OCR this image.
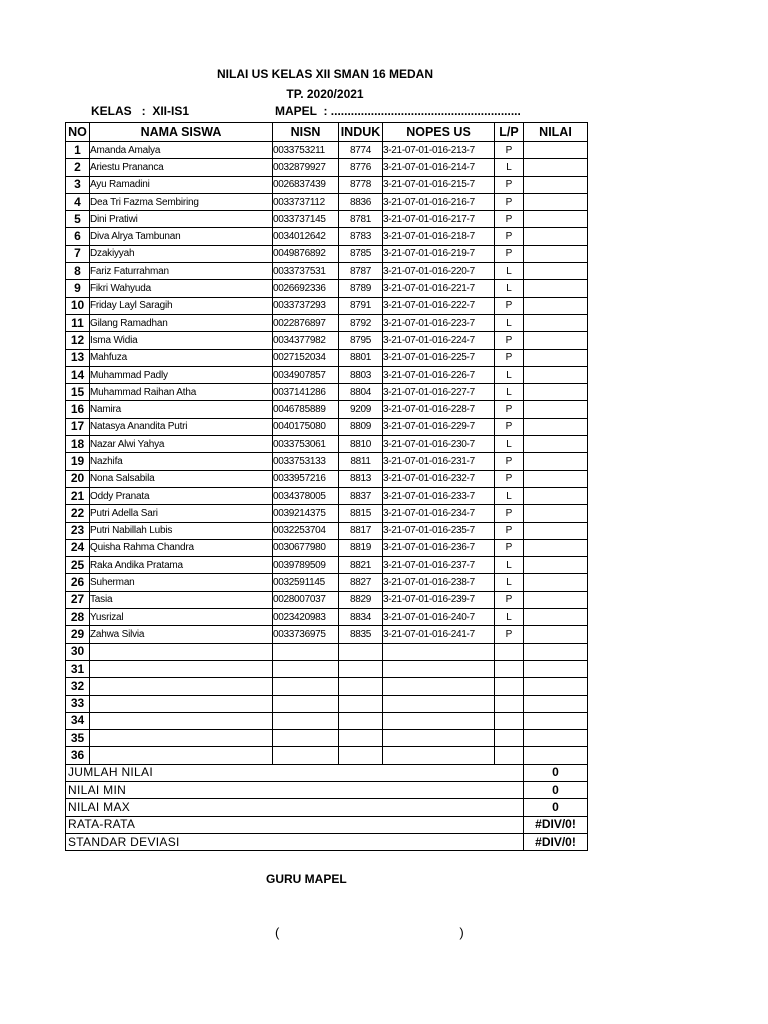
NILAI US KELAS XII SMAN 16 MEDAN
TP. 2020/2021
KELAS   :  XII-IS1	MAPEL  : .........................................................
NO	NAMA SISWA	NISN	INDUK	NOPES US	L/P	NILAI
1	Amanda Amalya	0033753211	8774	3-21-07-01-016-213-7	P	
2	Ariestu Prananca	0032879927	8776	3-21-07-01-016-214-7	L	
3	Ayu Ramadini	0026837439	8778	3-21-07-01-016-215-7	P	
4	Dea Tri Fazma Sembiring	0033737112	8836	3-21-07-01-016-216-7	P	
5	Dini Pratiwi	0033737145	8781	3-21-07-01-016-217-7	P	
6	Diva Alrya Tambunan	0034012642	8783	3-21-07-01-016-218-7	P	
7	Dzakiyyah	0049876892	8785	3-21-07-01-016-219-7	P	
8	Fariz Faturrahman	0033737531	8787	3-21-07-01-016-220-7	L	
9	Fikri Wahyuda	0026692336	8789	3-21-07-01-016-221-7	L	
10	Friday Layl Saragih	0033737293	8791	3-21-07-01-016-222-7	P	
11	Gilang Ramadhan	0022876897	8792	3-21-07-01-016-223-7	L	
12	Isma Widia	0034377982	8795	3-21-07-01-016-224-7	P	
13	Mahfuza	0027152034	8801	3-21-07-01-016-225-7	P	
14	Muhammad Padly	0034907857	8803	3-21-07-01-016-226-7	L	
15	Muhammad Raihan Atha	0037141286	8804	3-21-07-01-016-227-7	L	
16	Namira	0046785889	9209	3-21-07-01-016-228-7	P	
17	Natasya Anandita Putri	0040175080	8809	3-21-07-01-016-229-7	P	
18	Nazar Alwi Yahya	0033753061	8810	3-21-07-01-016-230-7	L	
19	Nazhifa	0033753133	8811	3-21-07-01-016-231-7	P	
20	Nona Salsabila	0033957216	8813	3-21-07-01-016-232-7	P	
21	Oddy Pranata	0034378005	8837	3-21-07-01-016-233-7	L	
22	Putri Adella Sari	0039214375	8815	3-21-07-01-016-234-7	P	
23	Putri Nabillah Lubis	0032253704	8817	3-21-07-01-016-235-7	P	
24	Quisha Rahma Chandra	0030677980	8819	3-21-07-01-016-236-7	P	
25	Raka Andika Pratama	0039789509	8821	3-21-07-01-016-237-7	L	
26	Suherman	0032591145	8827	3-21-07-01-016-238-7	L	
27	Tasia	0028007037	8829	3-21-07-01-016-239-7	P	
28	Yusrizal	0023420983	8834	3-21-07-01-016-240-7	L	
29	Zahwa Silvia	0033736975	8835	3-21-07-01-016-241-7	P	
30						
31						
32						
33						
34						
35						
36						
JUMLAH NILAI						0
NILAI MIN						0
NILAI MAX						0
RATA-RATA						#DIV/0!
STANDAR DEVIASI						#DIV/0!
GURU MAPEL
(	)
